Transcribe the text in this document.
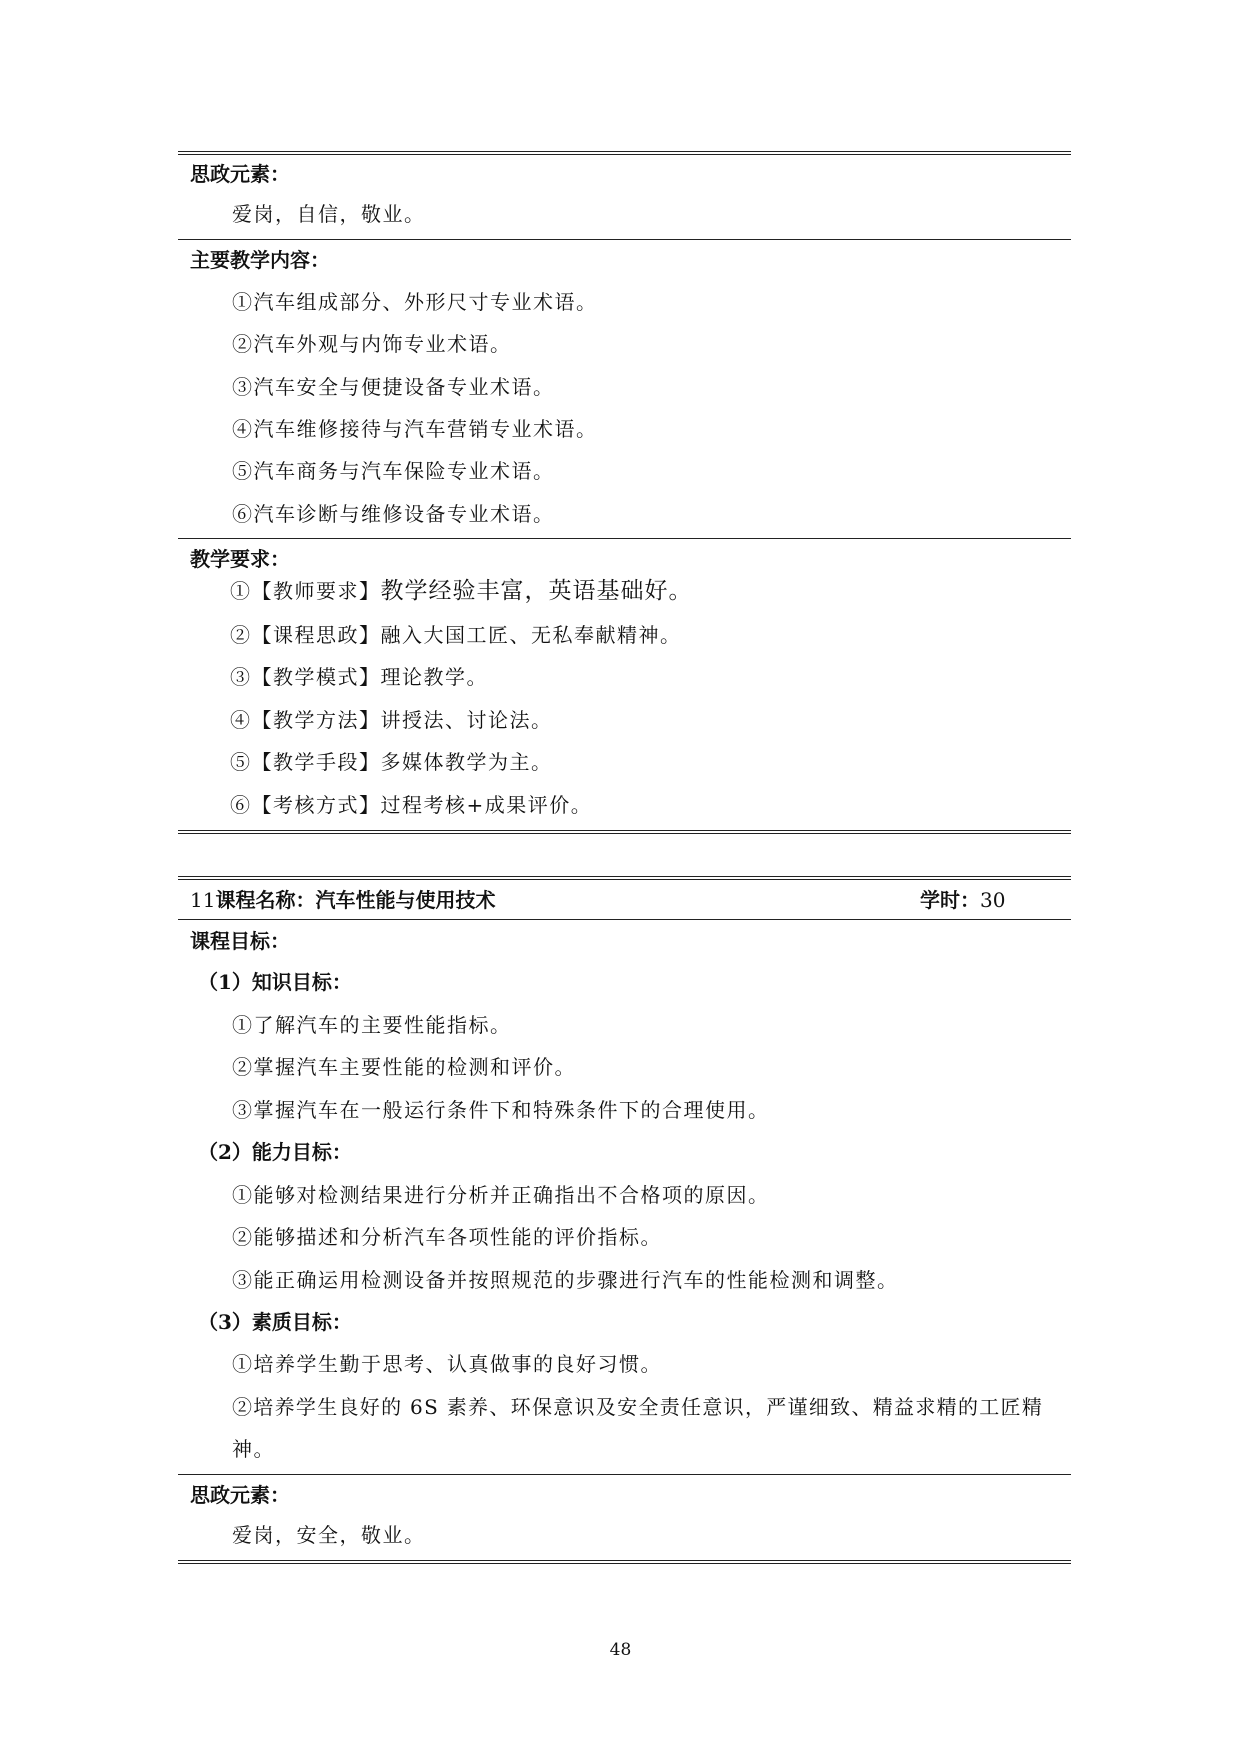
思政元素：
爱岗，自信，敬业。
主要教学内容：
①汽车组成部分、外形尺寸专业术语。
②汽车外观与内饰专业术语。
③汽车安全与便捷设备专业术语。
④汽车维修接待与汽车营销专业术语。
⑤汽车商务与汽车保险专业术语。
⑥汽车诊断与维修设备专业术语。
教学要求：
①【教师要求】教学经验丰富，英语基础好。
②【课程思政】融入大国工匠、无私奉献精神。
③【教学模式】理论教学。
④【教学方法】讲授法、讨论法。
⑤【教学手段】多媒体教学为主。
⑥【考核方式】过程考核+成果评价。
11课程名称：汽车性能与使用技术	学时：30
课程目标：
（1）知识目标：
①了解汽车的主要性能指标。
②掌握汽车主要性能的检测和评价。
③掌握汽车在一般运行条件下和特殊条件下的合理使用。
（2）能力目标：
①能够对检测结果进行分析并正确指出不合格项的原因。
②能够描述和分析汽车各项性能的评价指标。
③能正确运用检测设备并按照规范的步骤进行汽车的性能检测和调整。
（3）素质目标：
①培养学生勤于思考、认真做事的良好习惯。
②培养学生良好的 6S 素养、环保意识及安全责任意识，严谨细致、精益求精的工匠精
神。
思政元素：
爱岗，安全，敬业。
48
